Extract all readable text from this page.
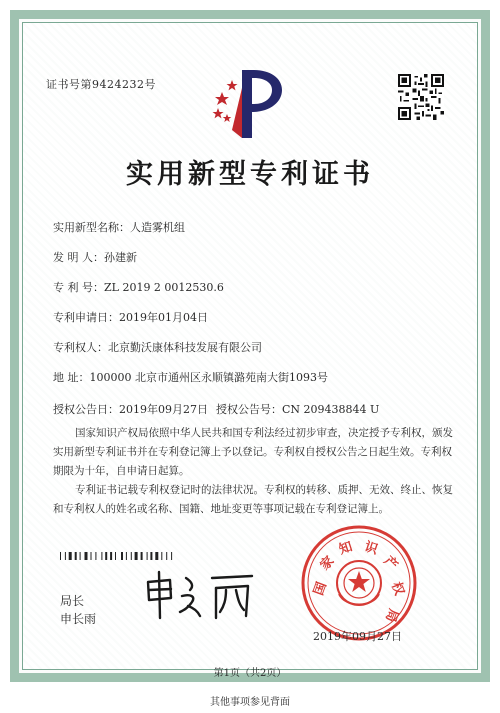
证书号第9424232号
实用新型专利证书
实用新型名称：人造雾机组
发 明 人：孙建新
专 利 号：ZL 2019 2 0012530.6
专利申请日：2019年01月04日
专利权人：北京勤沃康体科技发展有限公司
地 址：100000 北京市通州区永顺镇潞苑南大街1093号
授权公告日：2019年09月27日 授权公告号：CN 209438844 U

国家知识产权局依照中华人民共和国专利法经过初步审查，决定授予专利权，颁发实用新型专利证书并在专利登记簿上予以登记。专利权自授权公告之日起生效。专利权期限为十年，自申请日起算。

专利证书记载专利权登记时的法律状况。专利权的转移、质押、无效、终止、恢复和专利权人的姓名或名称、国籍、地址变更等事项记载在专利登记簿上。

局长
申长雨
国
家
知 识
产
权
局
2019年09月27日
第1页（共2页）
其他事项参见背面
